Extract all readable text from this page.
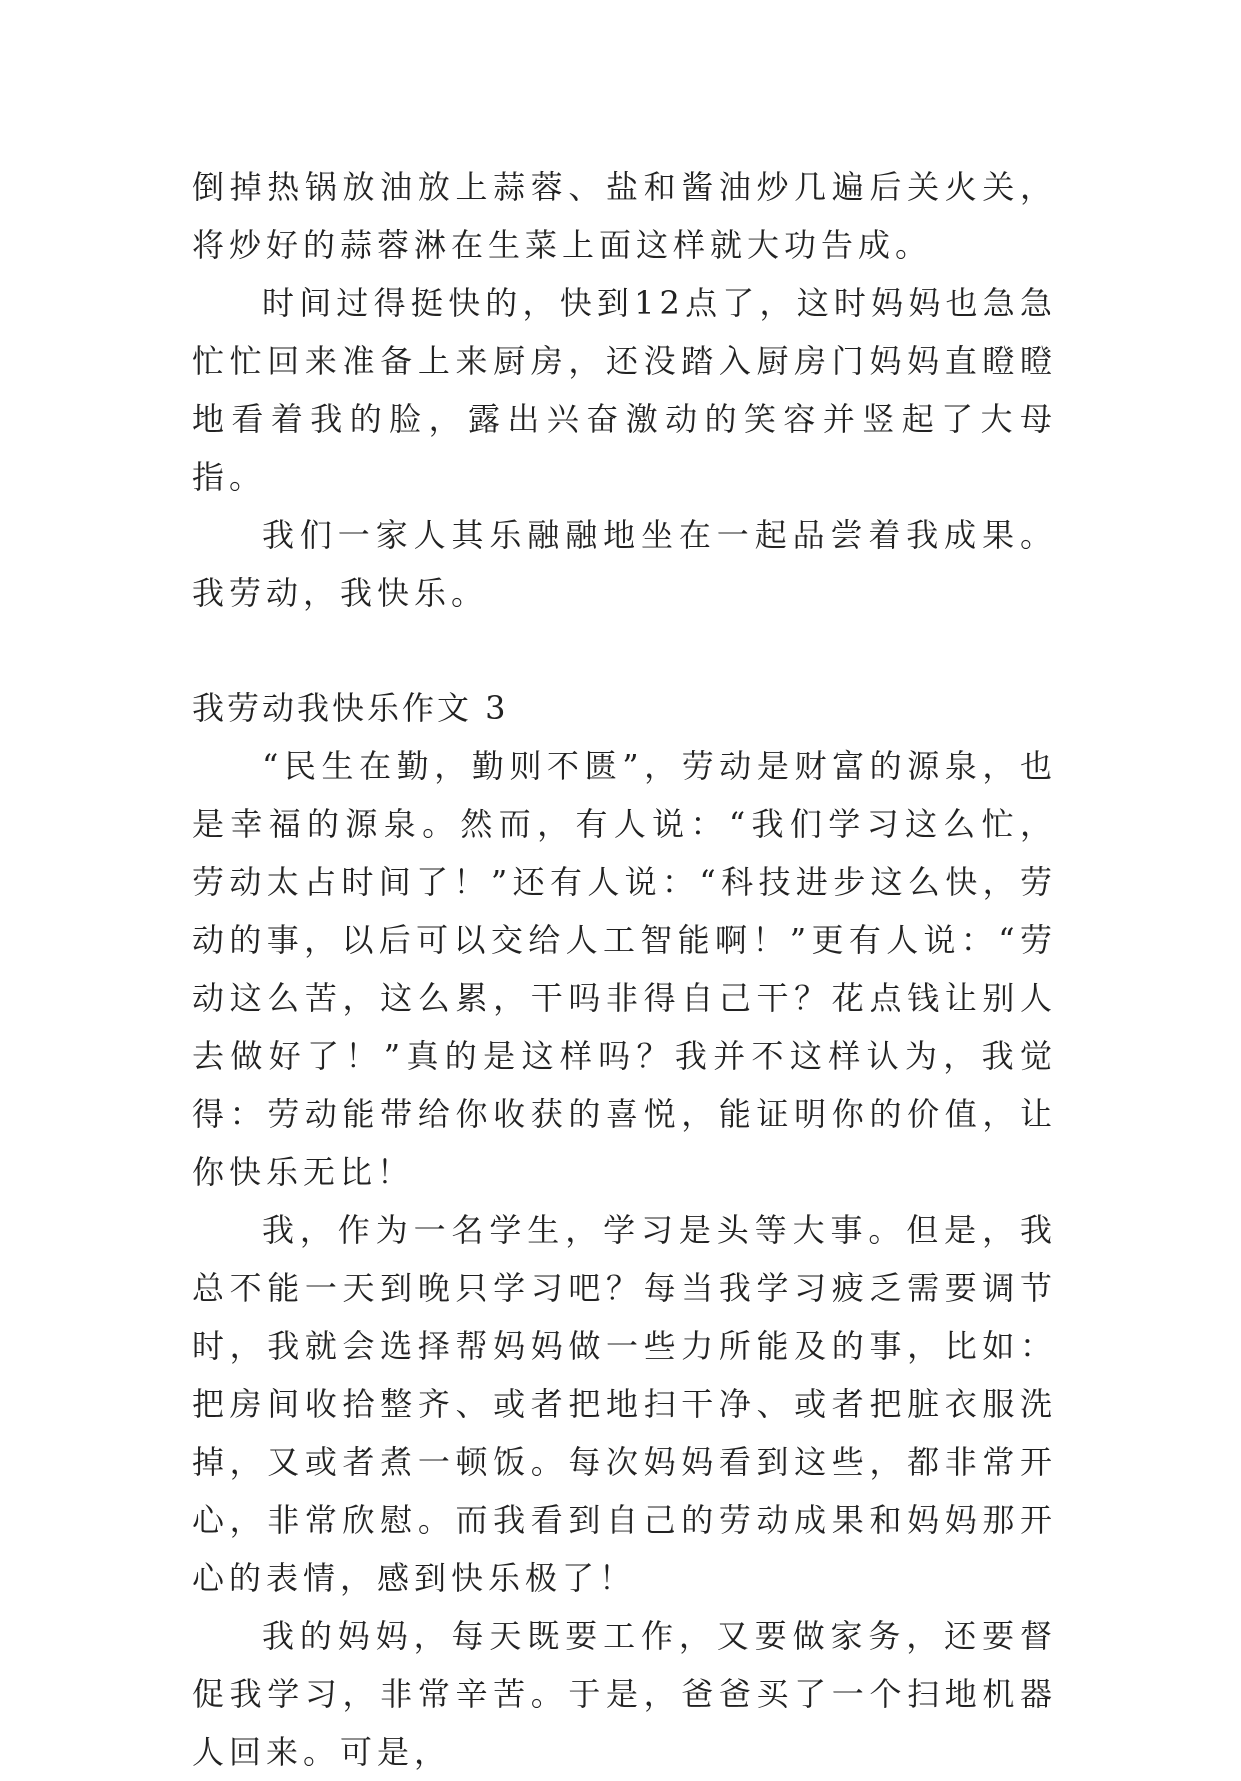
倒掉热锅放油放上蒜蓉、盐和酱油炒几遍后关火关，将炒好的蒜蓉淋在生菜上面这样就大功告成。

时间过得挺快的，快到12点了，这时妈妈也急急忙忙回来准备上来厨房，还没踏入厨房门妈妈直瞪瞪地看着我的脸，露出兴奋激动的笑容并竖起了大母指。

我们一家人其乐融融地坐在一起品尝着我成果。我劳动，我快乐。

我劳动我快乐作文 3

“民生在勤，勤则不匮”，劳动是财富的源泉，也是幸福的源泉。然而，有人说：“我们学习这么忙，劳动太占时间了！”还有人说：“科技进步这么快，劳动的事，以后可以交给人工智能啊！”更有人说：“劳动这么苦，这么累，干吗非得自己干？花点钱让别人去做好了！”真的是这样吗？我并不这样认为，我觉得：劳动能带给你收获的喜悦，能证明你的价值，让你快乐无比！

我，作为一名学生，学习是头等大事。但是，我总不能一天到晚只学习吧？每当我学习疲乏需要调节时，我就会选择帮妈妈做一些力所能及的事，比如：把房间收拾整齐、或者把地扫干净、或者把脏衣服洗掉，又或者煮一顿饭。每次妈妈看到这些，都非常开心，非常欣慰。而我看到自己的劳动成果和妈妈那开心的表情，感到快乐极了！

我的妈妈，每天既要工作，又要做家务，还要督促我学习，非常辛苦。于是，爸爸买了一个扫地机器人回来。可是，
